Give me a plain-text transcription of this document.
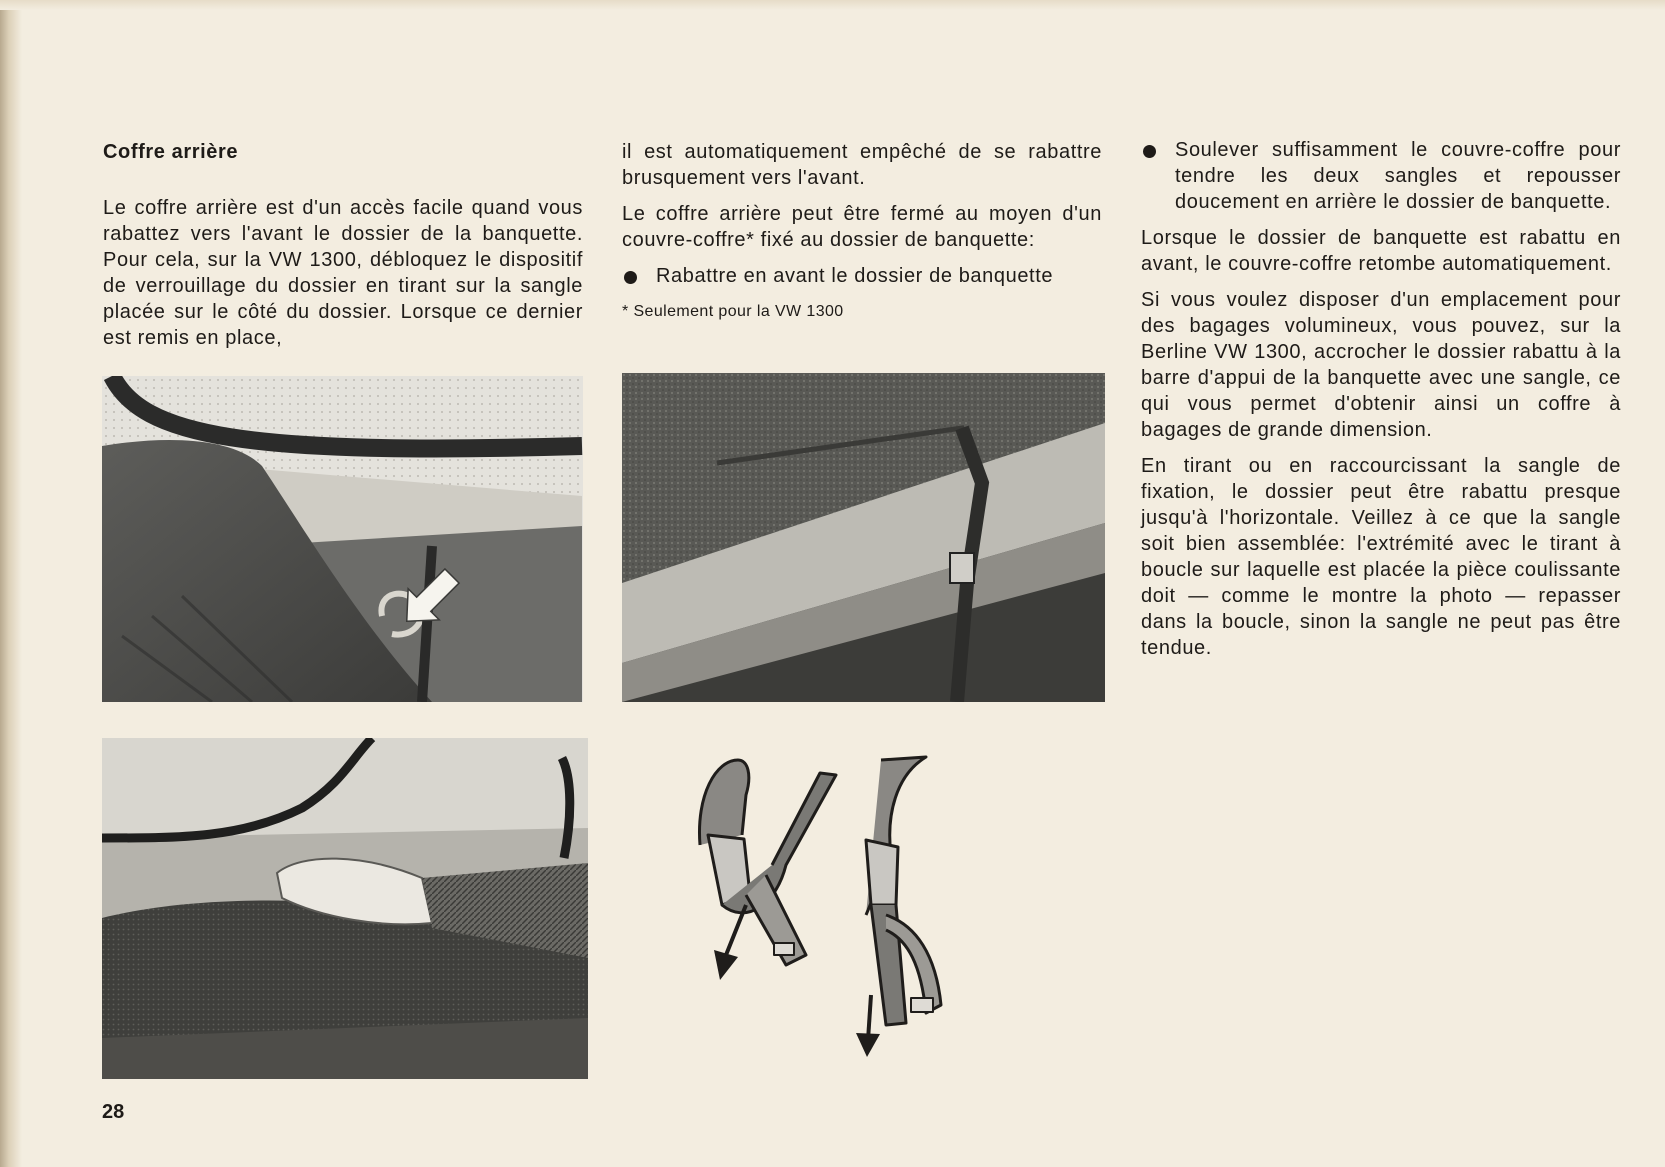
Coffre arrière

Le coffre arrière est d'un accès facile quand vous rabattez vers l'avant le dossier de la banquette. Pour cela, sur la VW 1300, débloquez le dispositif de verrouillage du dossier en tirant sur la sangle placée sur le côté du dossier. Lorsque ce dernier est remis en place,

il est automatiquement empêché de se rabattre brusquement vers l'avant.

Le coffre arrière peut être fermé au moyen d'un couvre-coffre* fixé au dossier de banquette:

Rabattre en avant le dossier de banquette

* Seulement pour la VW 1300

Soulever suffisamment le couvre-coffre pour tendre les deux sangles et repousser doucement en arrière le dossier de banquette.

Lorsque le dossier de banquette est rabattu en avant, le couvre-coffre retombe automatiquement.

Si vous voulez disposer d'un emplacement pour des bagages volumineux, vous pouvez, sur la Berline VW 1300, accrocher le dossier rabattu à la barre d'appui de la banquette avec une sangle, ce qui vous permet d'obtenir ainsi un coffre à bagages de grande dimension.

En tirant ou en raccourcissant la sangle de fixation, le dossier peut être rabattu presque jusqu'à l'horizontale. Veillez à ce que la sangle soit bien assemblée: l'extrémité avec le tirant à boucle sur laquelle est placée la pièce coulissante doit — comme le montre la photo — repasser dans la boucle, sinon la sangle ne peut pas être tendue.

28
